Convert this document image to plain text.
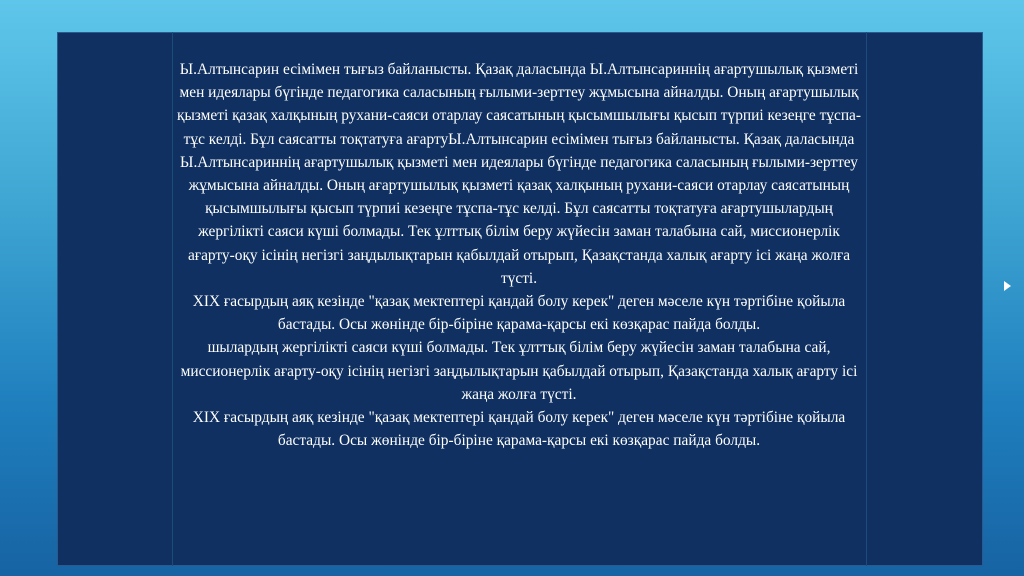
Ы.Алтынсарин есімімен тығыз байланысты. Қазақ даласында Ы.Алтынсариннің ағартушылық қызметі мен идеялары бүгінде педагогика саласының ғылыми-зерттеу жұмысына айналды. Оның ағартушылық қызметі қазақ халқының рухани-саяси отарлау саясатының қысымшылығы қысып түрпиі кезеңге тұспа-тұс келді. Бұл саясатты тоқтатуға ағартуЫ.Алтынсарин есімімен тығыз байланысты. Қазақ даласында Ы.Алтынсариннің ағартушылық қызметі мен идеялары бүгінде педагогика саласының ғылыми-зерттеу жұмысына айналды. Оның ағартушылық қызметі қазақ халқының рухани-саяси отарлау саясатының қысымшылығы қысып түрпиі кезеңге тұспа-тұс келді. Бұл саясатты тоқтатуға ағартушылардың жергілікті саяси күші болмады. Тек ұлттық білім беру жүйесін заман талабына сай, миссионерлік ағарту-оқу ісінің негізгі заңдылықтарын қабылдай отырып, Қазақстанда халық ағарту ісі жаңа жолға түсті.

XIX ғасырдың аяқ кезінде "қазақ мектептері қандай болу керек" деген мәселе күн тәртібіне қойыла бастады. Осы жөнінде бір-біріне қарама-қарсы екі көзқарас пайда болды.

шылардың жергілікті саяси күші болмады. Тек ұлттық білім беру жүйесін заман талабына сай, миссионерлік ағарту-оқу ісінің негізгі заңдылықтарын қабылдай отырып, Қазақстанда халық ағарту ісі жаңа жолға түсті.

XIX ғасырдың аяқ кезінде "қазақ мектептері қандай болу керек" деген мәселе күн тәртібіне қойыла бастады. Осы жөнінде бір-біріне қарама-қарсы екі көзқарас пайда болды.
